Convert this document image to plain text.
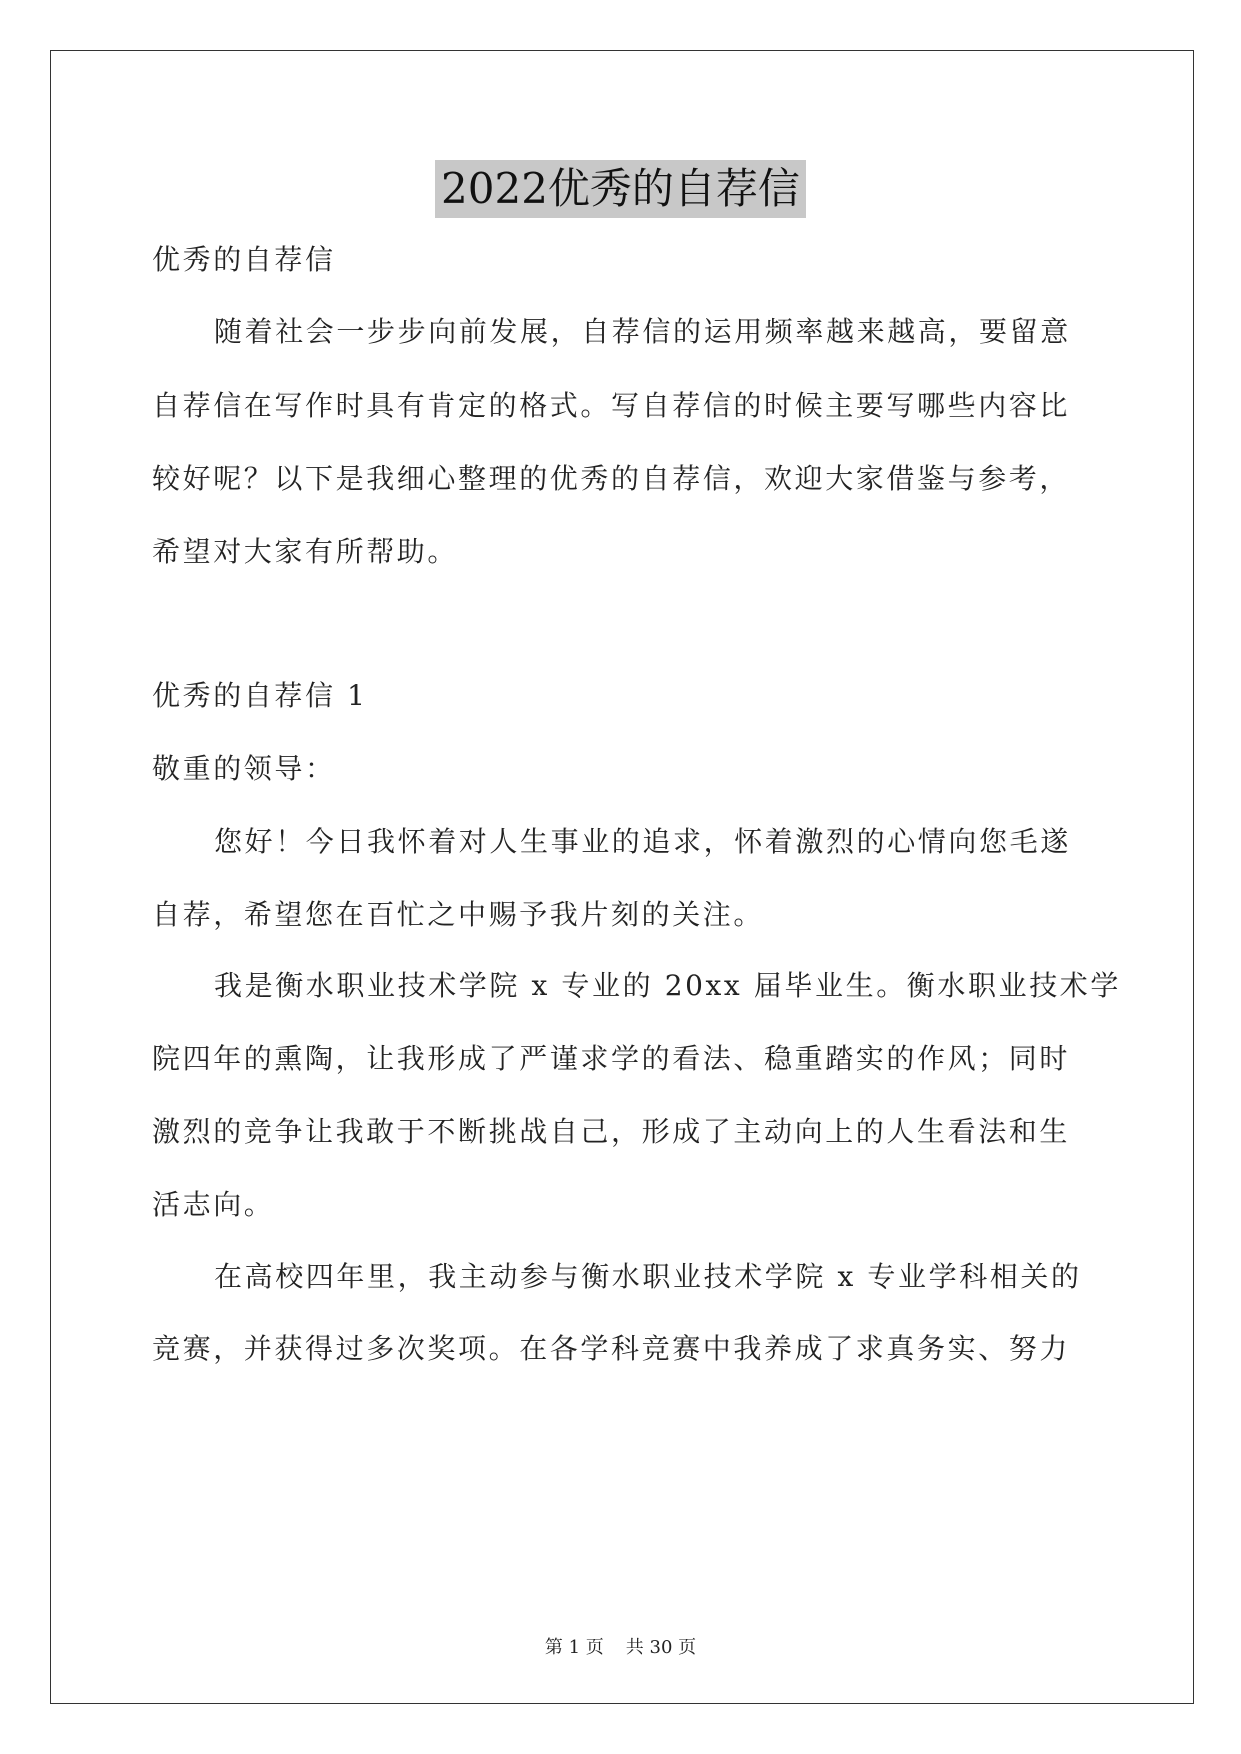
2022优秀的自荐信
优秀的自荐信
随着社会一步步向前发展，自荐信的运用频率越来越高，要留意
自荐信在写作时具有肯定的格式。写自荐信的时候主要写哪些内容比
较好呢？以下是我细心整理的优秀的自荐信，欢迎大家借鉴与参考，
希望对大家有所帮助。
优秀的自荐信 1
敬重的领导：
您好！今日我怀着对人生事业的追求，怀着激烈的心情向您毛遂
自荐，希望您在百忙之中赐予我片刻的关注。
我是衡水职业技术学院 x 专业的 20xx 届毕业生。衡水职业技术学
院四年的熏陶，让我形成了严谨求学的看法、稳重踏实的作风；同时
激烈的竞争让我敢于不断挑战自己，形成了主动向上的人生看法和生
活志向。
在高校四年里，我主动参与衡水职业技术学院 x 专业学科相关的
竞赛，并获得过多次奖项。在各学科竞赛中我养成了求真务实、努力
第 1 页 共 30 页
